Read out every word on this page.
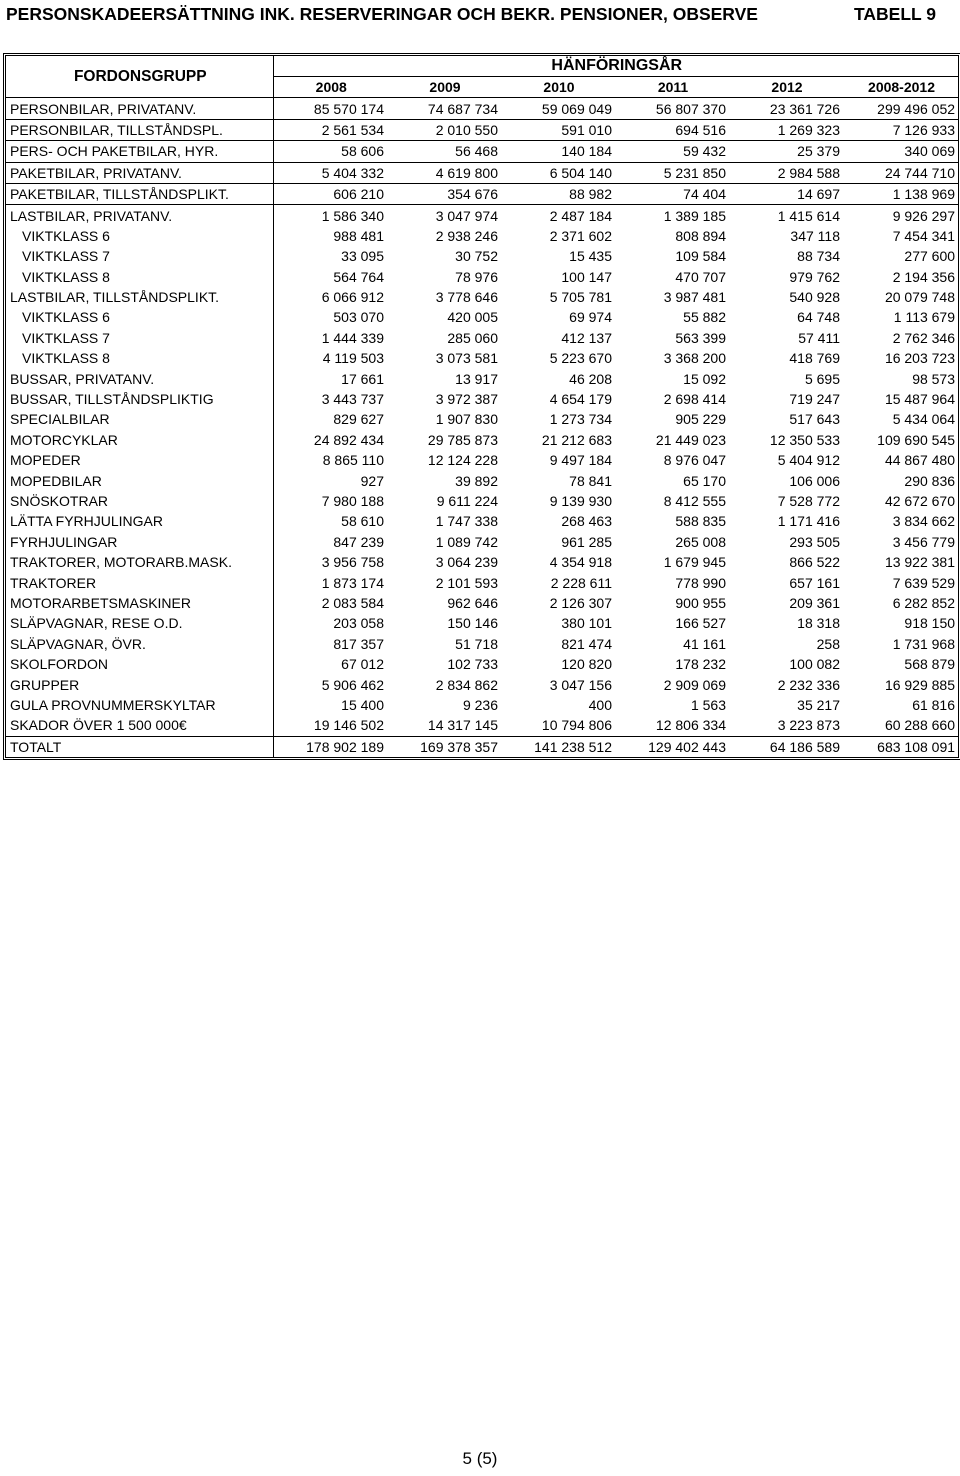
PERSONSKADEERSÄTTNING INK. RESERVERINGAR OCH BEKR. PENSIONER, OBSERVE	TABELL 9
FORDONSGRUPP	HÄNFÖRINGSÅR					
	2008	2009	2010	2011	2012	2008-2012
PERSONBILAR, PRIVATANV.	85 570 174	74 687 734	59 069 049	56 807 370	23 361 726	299 496 052
PERSONBILAR, TILLSTÅNDSPL.	2 561 534	2 010 550	591 010	694 516	1 269 323	7 126 933
PERS- OCH PAKETBILAR, HYR.	58 606	56 468	140 184	59 432	25 379	340 069
PAKETBILAR, PRIVATANV.	5 404 332	4 619 800	6 504 140	5 231 850	2 984 588	24 744 710
PAKETBILAR, TILLSTÅNDSPLIKT.	606 210	354 676	88 982	74 404	14 697	1 138 969
LASTBILAR, PRIVATANV.	1 586 340	3 047 974	2 487 184	1 389 185	1 415 614	9 926 297
VIKTKLASS 6	988 481	2 938 246	2 371 602	808 894	347 118	7 454 341
VIKTKLASS 7	33 095	30 752	15 435	109 584	88 734	277 600
VIKTKLASS 8	564 764	78 976	100 147	470 707	979 762	2 194 356
LASTBILAR, TILLSTÅNDSPLIKT.	6 066 912	3 778 646	5 705 781	3 987 481	540 928	20 079 748
VIKTKLASS 6	503 070	420 005	69 974	55 882	64 748	1 113 679
VIKTKLASS 7	1 444 339	285 060	412 137	563 399	57 411	2 762 346
VIKTKLASS 8	4 119 503	3 073 581	5 223 670	3 368 200	418 769	16 203 723
BUSSAR, PRIVATANV.	17 661	13 917	46 208	15 092	5 695	98 573
BUSSAR, TILLSTÅNDSPLIKTIG	3 443 737	3 972 387	4 654 179	2 698 414	719 247	15 487 964
SPECIALBILAR	829 627	1 907 830	1 273 734	905 229	517 643	5 434 064
MOTORCYKLAR	24 892 434	29 785 873	21 212 683	21 449 023	12 350 533	109 690 545
MOPEDER	8 865 110	12 124 228	9 497 184	8 976 047	5 404 912	44 867 480
MOPEDBILAR	927	39 892	78 841	65 170	106 006	290 836
SNÖSKOTRAR	7 980 188	9 611 224	9 139 930	8 412 555	7 528 772	42 672 670
LÄTTA FYRHJULINGAR	58 610	1 747 338	268 463	588 835	1 171 416	3 834 662
FYRHJULINGAR	847 239	1 089 742	961 285	265 008	293 505	3 456 779
TRAKTORER, MOTORARB.MASK.	3 956 758	3 064 239	4 354 918	1 679 945	866 522	13 922 381
TRAKTORER	1 873 174	2 101 593	2 228 611	778 990	657 161	7 639 529
MOTORARBETSMASKINER	2 083 584	962 646	2 126 307	900 955	209 361	6 282 852
SLÄPVAGNAR, RESE O.D.	203 058	150 146	380 101	166 527	18 318	918 150
SLÄPVAGNAR, ÖVR.	817 357	51 718	821 474	41 161	258	1 731 968
SKOLFORDON	67 012	102 733	120 820	178 232	100 082	568 879
GRUPPER	5 906 462	2 834 862	3 047 156	2 909 069	2 232 336	16 929 885
GULA PROVNUMMERSKYLTAR	15 400	9 236	400	1 563	35 217	61 816
SKADOR ÖVER 1 500 000€	19 146 502	14 317 145	10 794 806	12 806 334	3 223 873	60 288 660
TOTALT	178 902 189	169 378 357	141 238 512	129 402 443	64 186 589	683 108 091
5 (5)
